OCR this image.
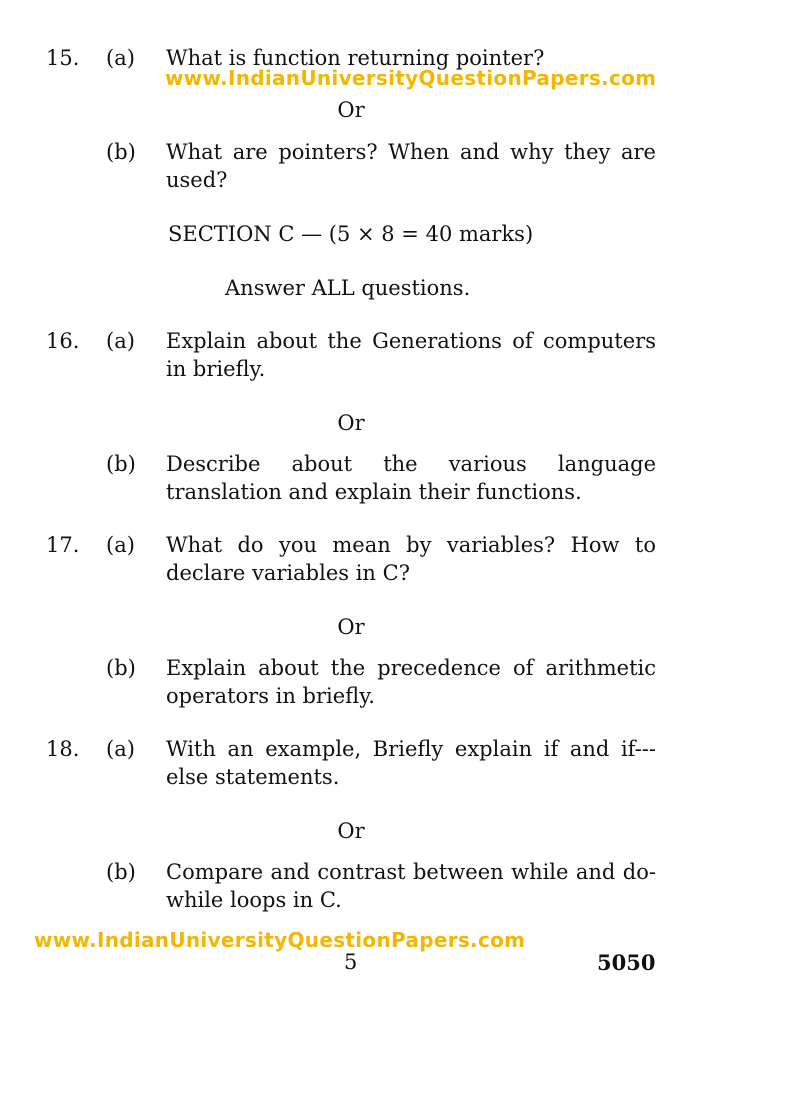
15. (a) What is function returning pointer?
www.IndianUniversityQuestionPapers.com
Or
(b) What are pointers? When and why they are used?
SECTION C — (5 × 8 = 40 marks)
Answer ALL questions.
16. (a) Explain about the Generations of computers in briefly.
Or
(b) Describe about the various language translation and explain their functions.
17. (a) What do you mean by variables? How to declare variables in C?
Or
(b) Explain about the precedence of arithmetic operators in briefly.
18. (a) With an example, Briefly explain if and if---else statements.
Or
(b) Compare and contrast between while and do-while loops in C.
www.IndianUniversityQuestionPapers.com
5	5050
